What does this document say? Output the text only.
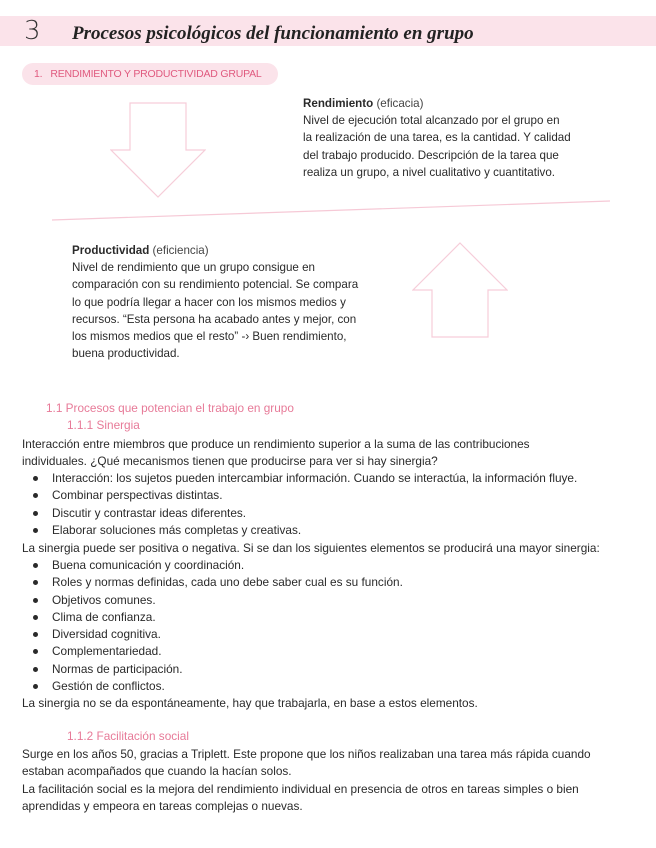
3 Procesos psicológicos del funcionamiento en grupo
1. RENDIMIENTO Y PRODUCTIVIDAD GRUPAL
Rendimiento (eficacia)
Nivel de ejecución total alcanzado por el grupo en
la realización de una tarea, es la cantidad. Y calidad
del trabajo producido. Descripción de la tarea que
realiza un grupo, a nivel cualitativo y cuantitativo.
Productividad (eficiencia)
Nivel de rendimiento que un grupo consigue en
comparación con su rendimiento potencial. Se compara
lo que podría llegar a hacer con los mismos medios y
recursos. “Esta persona ha acabado antes y mejor, con
los mismos medios que el resto” -› Buen rendimiento,
buena productividad.
1.1 Procesos que potencian el trabajo en grupo
1.1.1 Sinergia
Interacción entre miembros que produce un rendimiento superior a la suma de las contribuciones
individuales. ¿Qué mecanismos tienen que producirse para ver si hay sinergia?
Interacción: los sujetos pueden intercambiar información. Cuando se interactúa, la información fluye.
Combinar perspectivas distintas.
Discutir y contrastar ideas diferentes.
Elaborar soluciones más completas y creativas.
La sinergia puede ser positiva o negativa. Si se dan los siguientes elementos se producirá una mayor sinergia:
Buena comunicación y coordinación.
Roles y normas definidas, cada uno debe saber cual es su función.
Objetivos comunes.
Clima de confianza.
Diversidad cognitiva.
Complementariedad.
Normas de participación.
Gestión de conflictos.
La sinergia no se da espontáneamente, hay que trabajarla, en base a estos elementos.
1.1.2 Facilitación social
Surge en los años 50, gracias a Triplett. Este propone que los niños realizaban una tarea más rápida cuando
estaban acompañados que cuando la hacían solos.
La facilitación social es la mejora del rendimiento individual en presencia de otros en tareas simples o bien
aprendidas y empeora en tareas complejas o nuevas.
